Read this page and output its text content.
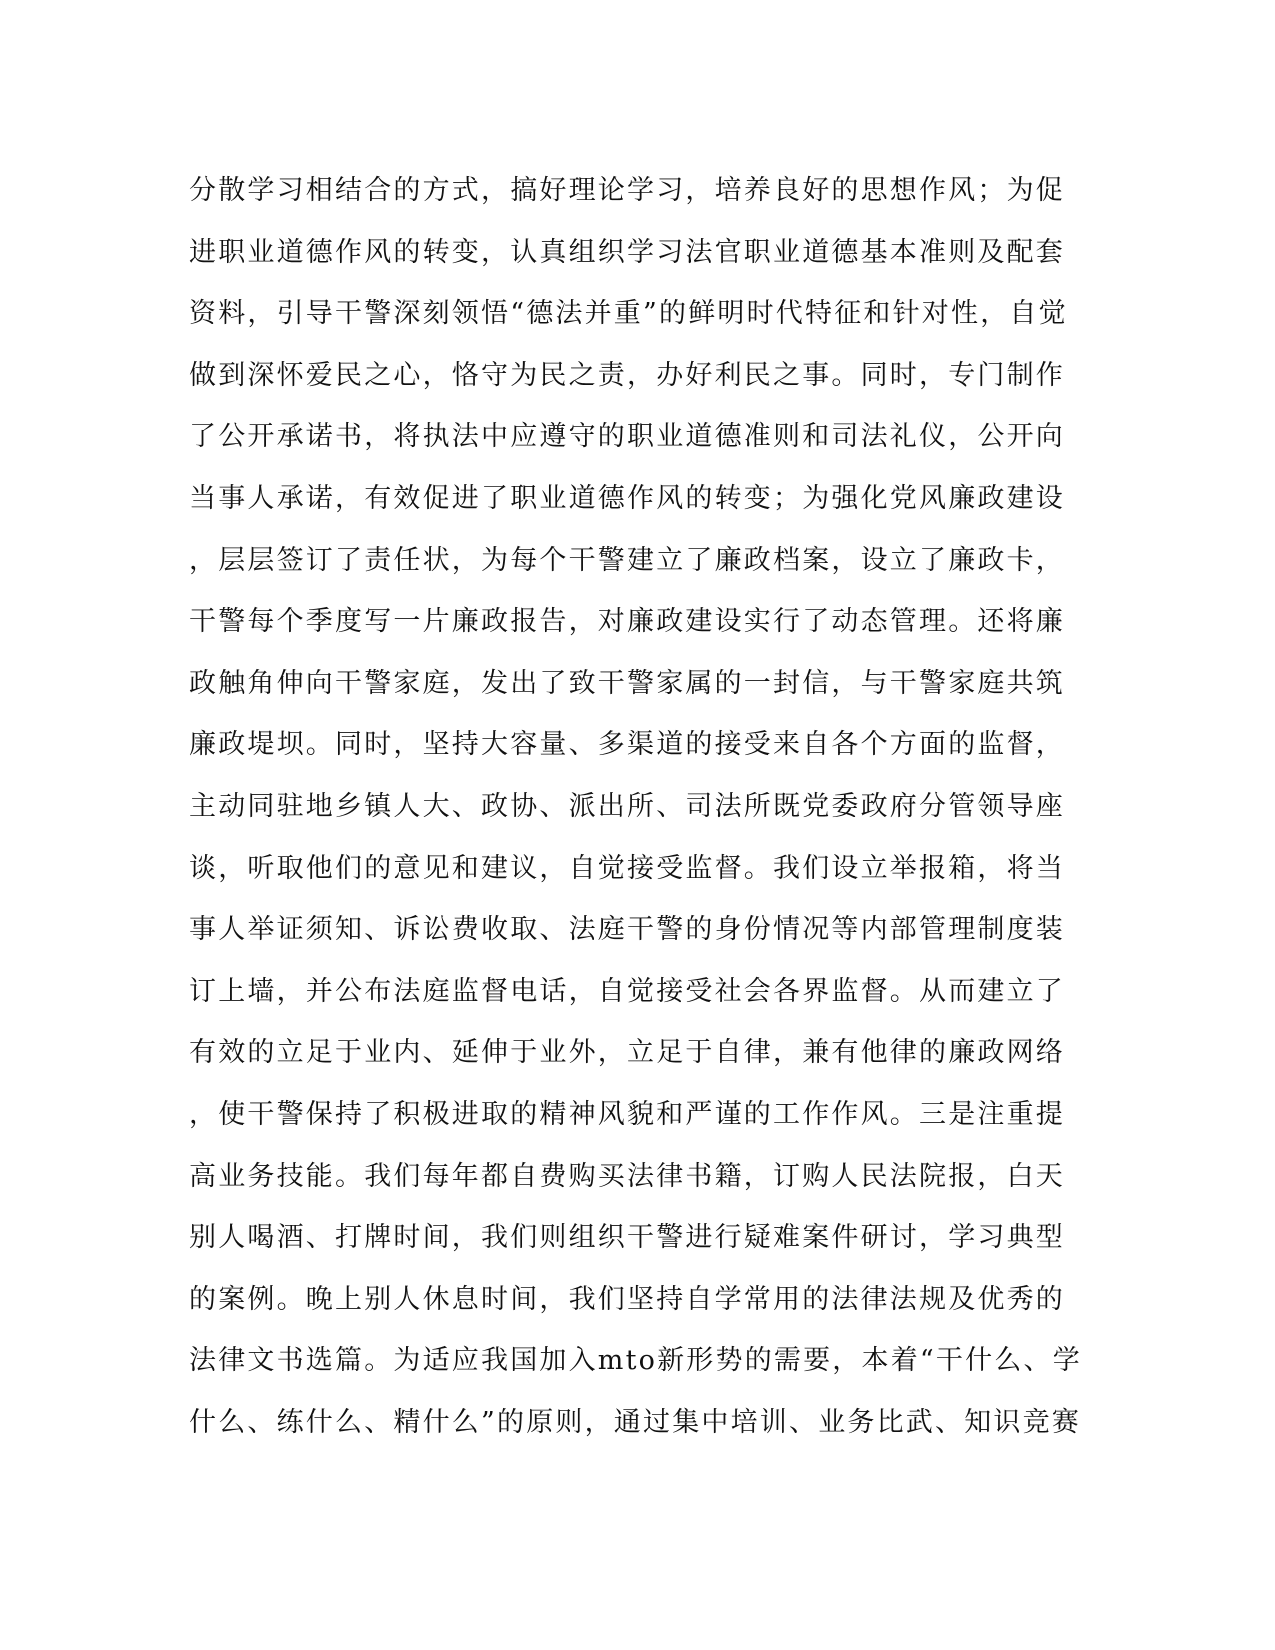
分散学习相结合的方式，搞好理论学习，培养良好的思想作风；为促
进职业道德作风的转变，认真组织学习法官职业道德基本准则及配套
资料，引导干警深刻领悟“德法并重”的鲜明时代特征和针对性，自觉
做到深怀爱民之心，恪守为民之责，办好利民之事。同时，专门制作
了公开承诺书，将执法中应遵守的职业道德准则和司法礼仪，公开向
当事人承诺，有效促进了职业道德作风的转变；为强化党风廉政建设
，层层签订了责任状，为每个干警建立了廉政档案，设立了廉政卡，
干警每个季度写一片廉政报告，对廉政建设实行了动态管理。还将廉
政触角伸向干警家庭，发出了致干警家属的一封信，与干警家庭共筑
廉政堤坝。同时，坚持大容量、多渠道的接受来自各个方面的监督，
主动同驻地乡镇人大、政协、派出所、司法所既党委政府分管领导座
谈，听取他们的意见和建议，自觉接受监督。我们设立举报箱，将当
事人举证须知、诉讼费收取、法庭干警的身份情况等内部管理制度装
订上墙，并公布法庭监督电话，自觉接受社会各界监督。从而建立了
有效的立足于业内、延伸于业外，立足于自律，兼有他律的廉政网络
，使干警保持了积极进取的精神风貌和严谨的工作作风。三是注重提
高业务技能。我们每年都自费购买法律书籍，订购人民法院报，白天
别人喝酒、打牌时间，我们则组织干警进行疑难案件研讨，学习典型
的案例。晚上别人休息时间，我们坚持自学常用的法律法规及优秀的
法律文书选篇。为适应我国加入mto新形势的需要，本着“干什么、学
什么、练什么、精什么”的原则，通过集中培训、业务比武、知识竞赛
